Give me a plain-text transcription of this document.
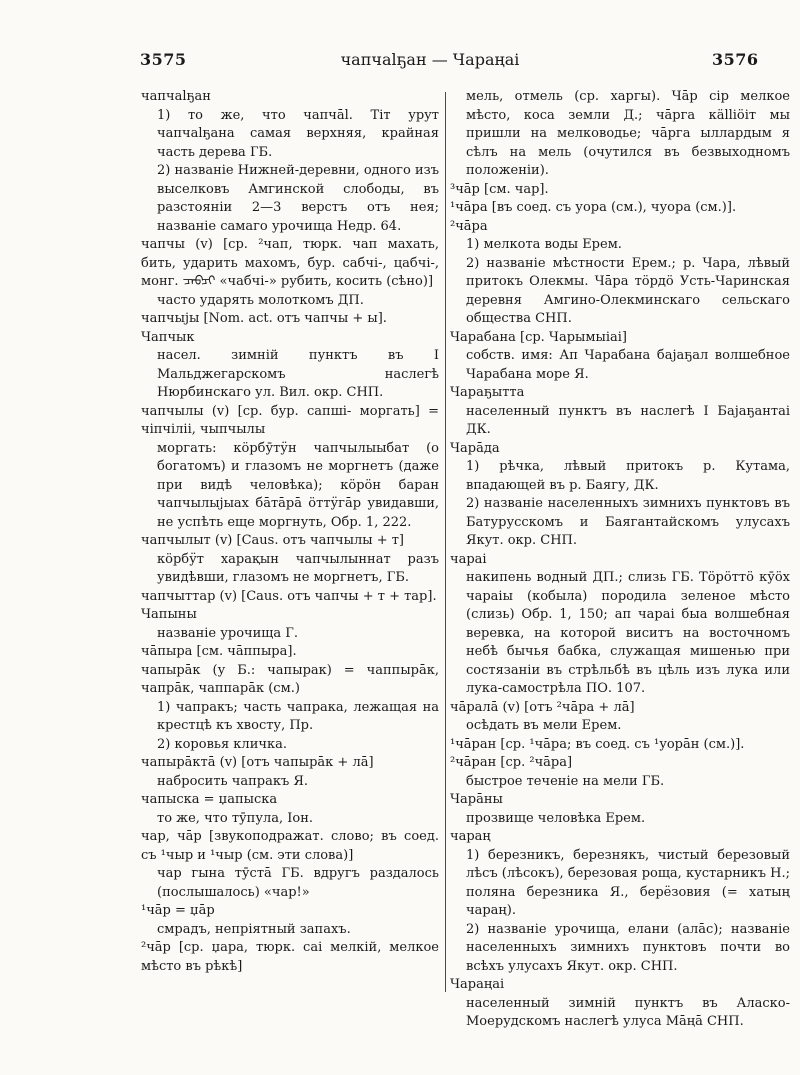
3575	чапчаlҕан — Чараңаі	3576
чапчаlҕан
1) то же, что чапчāl. Тіт урут чапчаlҕана самая верхняя, крайная часть дерева ГБ.
2) названіе Нижней-деревни, одного изъ выселковъ Амгинской слободы, въ разстояніи 2—3 верстъ отъ нея; названіе самаго урочища Недр. 64.
чапчы (v) [ср. ²чап, тюрк. чап махать, бить, ударить махомъ, бур. сабчі-, цабчі-, монг. ᠴᠠᠪᠴᠢ «чабчі-» рубить, косить (сѣно)]
часто ударять молоткомъ ДП.
чапчыјы [Nom. act. отъ чапчы + ы].
Чапчык
насел. зимній пунктъ въ I Мальджегарскомъ наслегѣ Нюрбинскаго ул. Вил. окр. СНП.
чапчылы (v) [ср. бур. сапші- моргать] = чіпчіліі, чыпчылы
моргать: кöрбӯтӱн чапчылыыбат (о богатомъ) и глазомъ не моргнетъ (даже при видѣ человѣка); кöрöн баран чапчылыјыах бāтāрā öттӱгāр увидавши, не успѣть еще моргнуть, Обр. 1, 222.
чапчылыт (v) [Caus. отъ чапчылы + т]
кöрбӱт харақын чапчылыннат разъ увидѣвши, глазомъ не моргнетъ, ГБ.
чапчыттар (v) [Caus. отъ чапчы + т + тар].
Чапыны
названіе урочища Г.
чāпыра [см. чāппыра].
чапырāк (у Б.: чапырак) = чаппырāк, чапрāк, чаппарāк (см.)
1) чапракъ; часть чапрака, лежащая на крестцѣ къ хвосту, Пр.
2) коровья кличка.
чапырāктā (v) [отъ чапырāк + лā]
набросить чапракъ Я.
чапыска = џапыска
то же, что тӯпула, Іон.
чар, чāр [звукоподражат. слово; въ соед. съ ¹чыр и ¹чыр (см. эти слова)]
чар гына тӯстā ГБ. вдругъ раздалось (послышалось) «чар!»
¹чāр = џāр
смрадъ, непріятный запахъ.
²чāр [ср. џара, тюрк. саі мелкій, мелкое мѣсто въ рѣкѣ]
мель, отмель (ср. харгы). Чāр сір мелкое мѣсто, коса земли Д.; чāрга кällіöіт мы пришли на мелководье; чāрга ыллардым я сѣлъ на мель (очутился въ безвыходномъ положеніи).
³чāр [см. чар].
¹чāра [въ соед. съ уора (см.), чуора (см.)].
²чāра
1) мелкота воды Ерем.
2) названіе мѣстности Ерем.; р. Чара, лѣвый притокъ Олекмы. Чāра тöрдö Усть-Чаринская деревня Амгино-Олекминскаго сельскаго общества СНП.
Чарабана [ср. Чарымыіаі]
собств. имя: Ап Чарабана бајаҕал волшебное Чарабана море Я.
Чараҕытта
населенный пунктъ въ наслегѣ I Бајаҕантаі ДК.
Чарāда
1) рѣчка, лѣвый притокъ р. Кутама, впадающей въ р. Баягу, ДК.
2) названіе населенныхъ зимнихъ пунктовъ въ Батурусскомъ и Баягантайскомъ улусахъ Якут. окр. СНП.
чараі
накипень водный ДП.; слизь ГБ. Тöрöттö кӯöх чараіы (кобыла) породила зеленое мѣсто (слизь) Обр. 1, 150; ап чараі быа волшебная веревка, на которой виситъ на восточномъ небѣ бычья бабка, служащая мишенью при состязаніи въ стрѣльбѣ въ цѣль изъ лука или лука-самострѣла ПО. 107.
чāралā (v) [отъ ²чāра + лā]
осѣдать въ мели Ерем.
¹чāран [ср. ¹чāра; въ соед. съ ¹уорāн (см.)].
²чāран [ср. ²чāра]
быстрое теченіе на мели ГБ.
Чарāны
прозвище человѣка Ерем.
чараң
1) березникъ, березнякъ, чистый березовый лѣсъ (лѣсокъ), березовая роща, кустарникъ Н.; полянa березника Я., берёзовия (= хатың чараң).
2) названіе урочища, елани (алāс); названіе населенныхъ зимнихъ пунктовъ почти во всѣхъ улусахъ Якут. окр. СНП.
Чараңаі
населенный зимній пунктъ въ Аласко-Моерудскомъ наслегѣ улуса Мāңā СНП.
